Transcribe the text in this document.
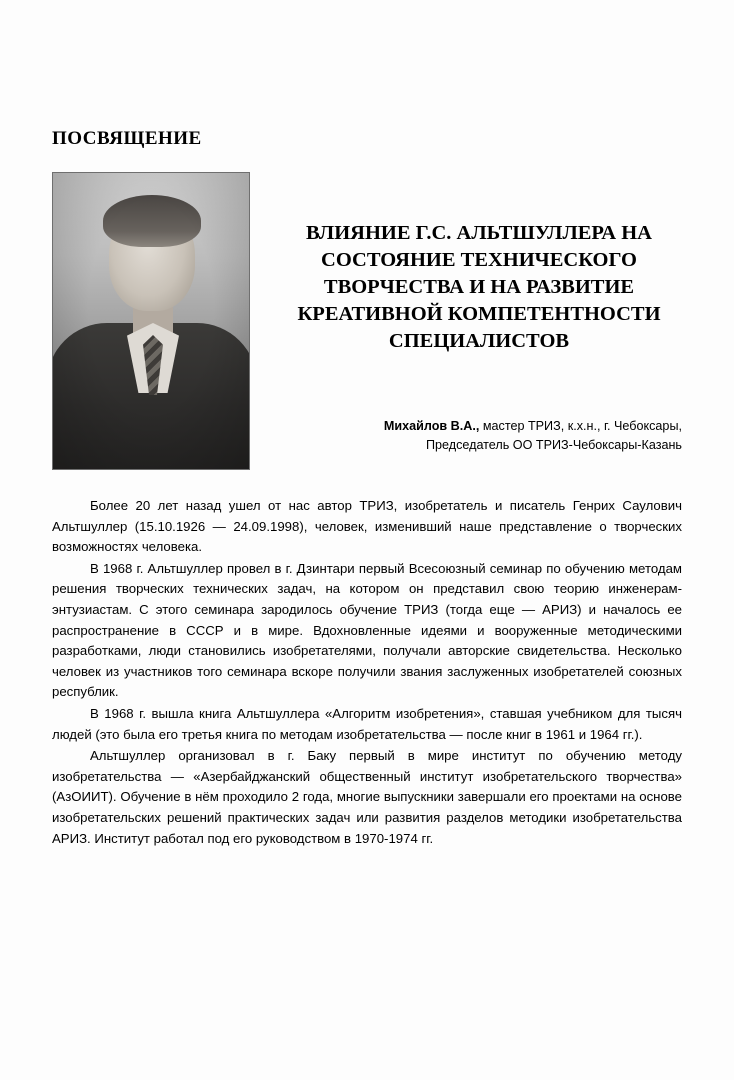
ПОСВЯЩЕНИЕ
ВЛИЯНИЕ Г.С. АЛЬТШУЛЛЕРА НА СОСТОЯНИЕ ТЕХНИЧЕСКОГО ТВОРЧЕСТВА И НА РАЗВИТИЕ КРЕАТИВНОЙ КОМПЕТЕНТНОСТИ СПЕЦИАЛИСТОВ
Михайлов В.А., мастер ТРИЗ, к.х.н., г. Чебоксары,
Председатель ОО ТРИЗ-Чебоксары-Казань

Более 20 лет назад ушел от нас автор ТРИЗ, изобретатель и писатель Генрих Саулович Альтшуллер (15.10.1926 — 24.09.1998), человек, изменивший наше представление о творческих возможностях человека.

В 1968 г. Альтшуллер провел в г. Дзинтари первый Всесоюзный семинар по обучению методам решения творческих технических задач, на котором он представил свою теорию инженерам-энтузиастам. С этого семинара зародилось обучение ТРИЗ (тогда еще — АРИЗ) и началось ее распространение в СССР и в мире. Вдохновленные идеями и вооруженные методическими разработками, люди становились изобретателями, получали авторские свидетельства. Несколько человек из участников того семинара вскоре получили звания заслуженных изобретателей союзных республик.

В 1968 г. вышла книга Альтшуллера «Алгоритм изобретения», ставшая учебником для тысяч людей (это была его третья книга по методам изобретательства — после книг в 1961 и 1964 гг.).

Альтшуллер организовал в г. Баку первый в мире институт по обучению методу изобретательства — «Азербайджанский общественный институт изобретательского творчества» (АзОИИТ). Обучение в нём проходило 2 года, многие выпускники завершали его проектами на основе изобретательских решений практических задач или развития разделов методики изобретательства АРИЗ. Институт работал под его руководством в 1970-1974 гг.
